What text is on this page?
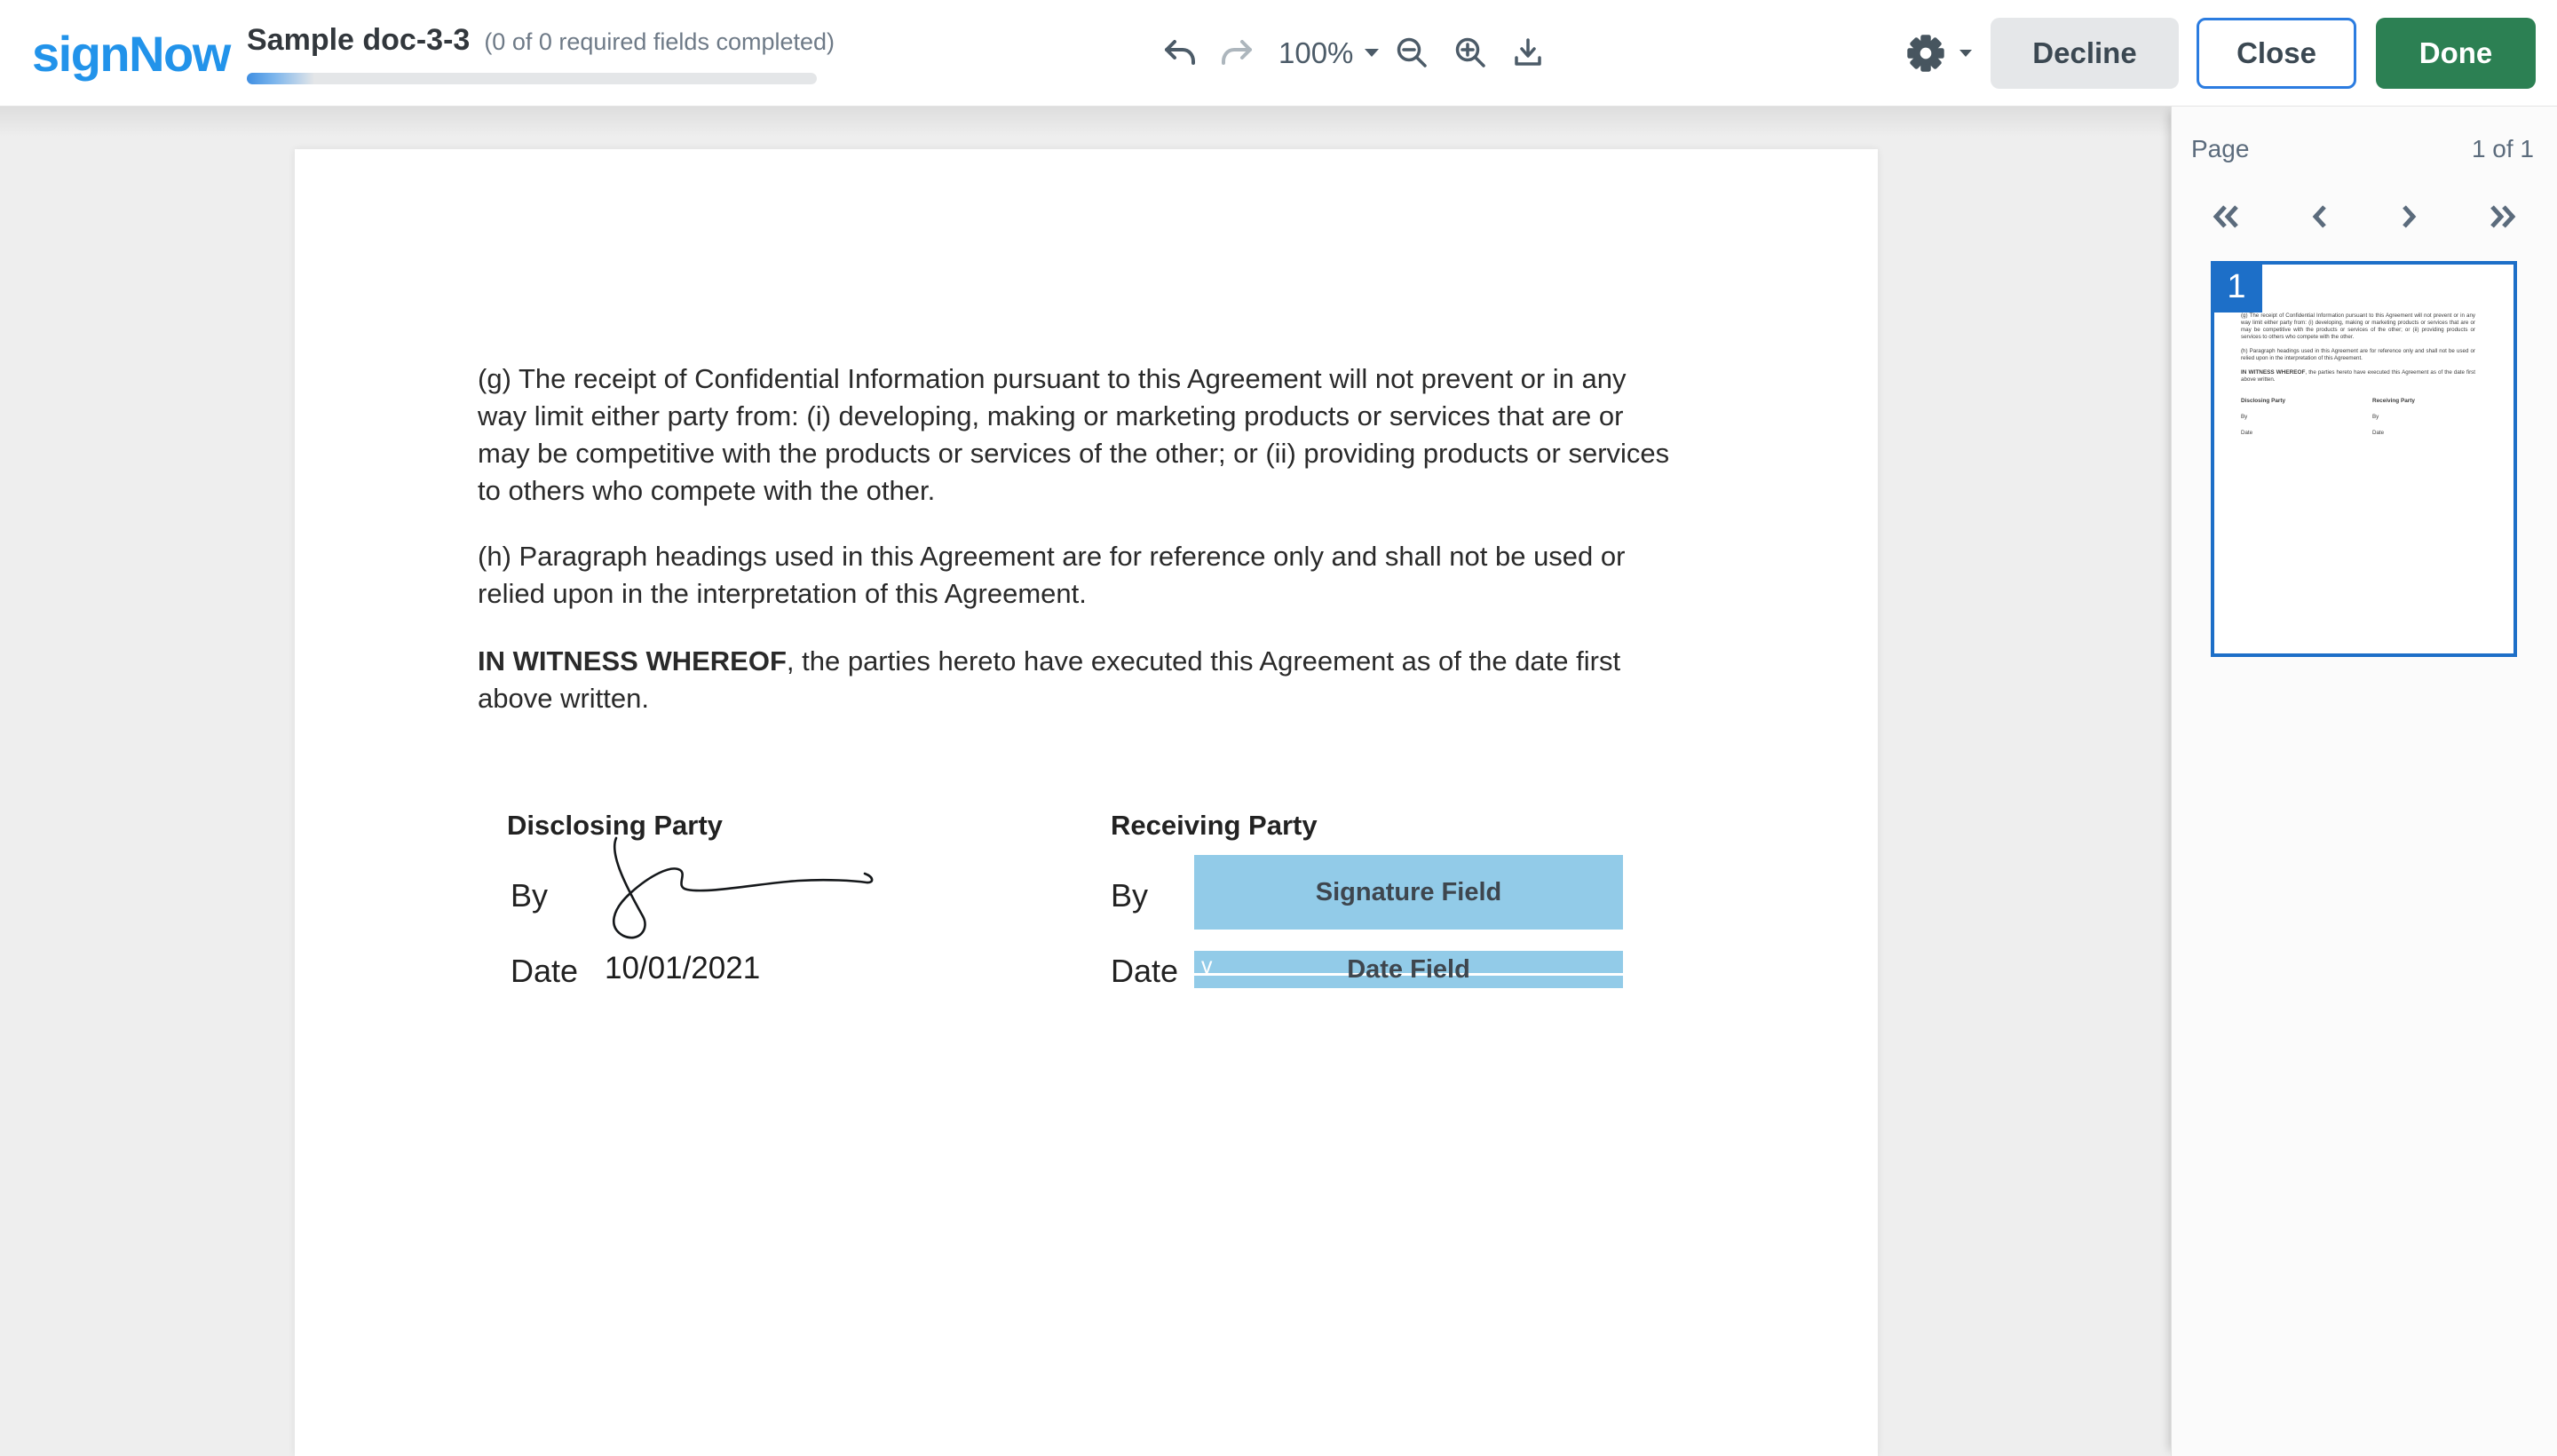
signNow Sample doc-3-3 (0 of 0 required fields completed)	100%	Decline	Close	Done
(g) The receipt of Confidential Information pursuant to this Agreement will not prevent or in any way limit either party from: (i) developing, making or marketing products or services that are or may be competitive with the products or services of the other; or (ii) providing products or services to others who compete with the other.
(h) Paragraph headings used in this Agreement are for reference only and shall not be used or relied upon in the interpretation of this Agreement.
IN WITNESS WHEREOF, the parties hereto have executed this Agreement as of the date first above written.
Disclosing Party
By
Date 10/01/2021
Receiving Party
By	Signature Field
Date v	Date Field
Page	1 of 1
1
(g) The receipt of Confidential Information pursuant to this Agreement will not prevent or in any way limit either party from: (i) developing, making or marketing products or services that are or may be competitive with the products or services of the other; or (ii) providing products or services to others who compete with the other.
(h) Paragraph headings used in this Agreement are for reference only and shall not be used or relied upon in the interpretation of this Agreement.
IN WITNESS WHEREOF, the parties hereto have executed this Agreement as of the date first above written.
Disclosing Party
By
Date
Receiving Party
By
Date
